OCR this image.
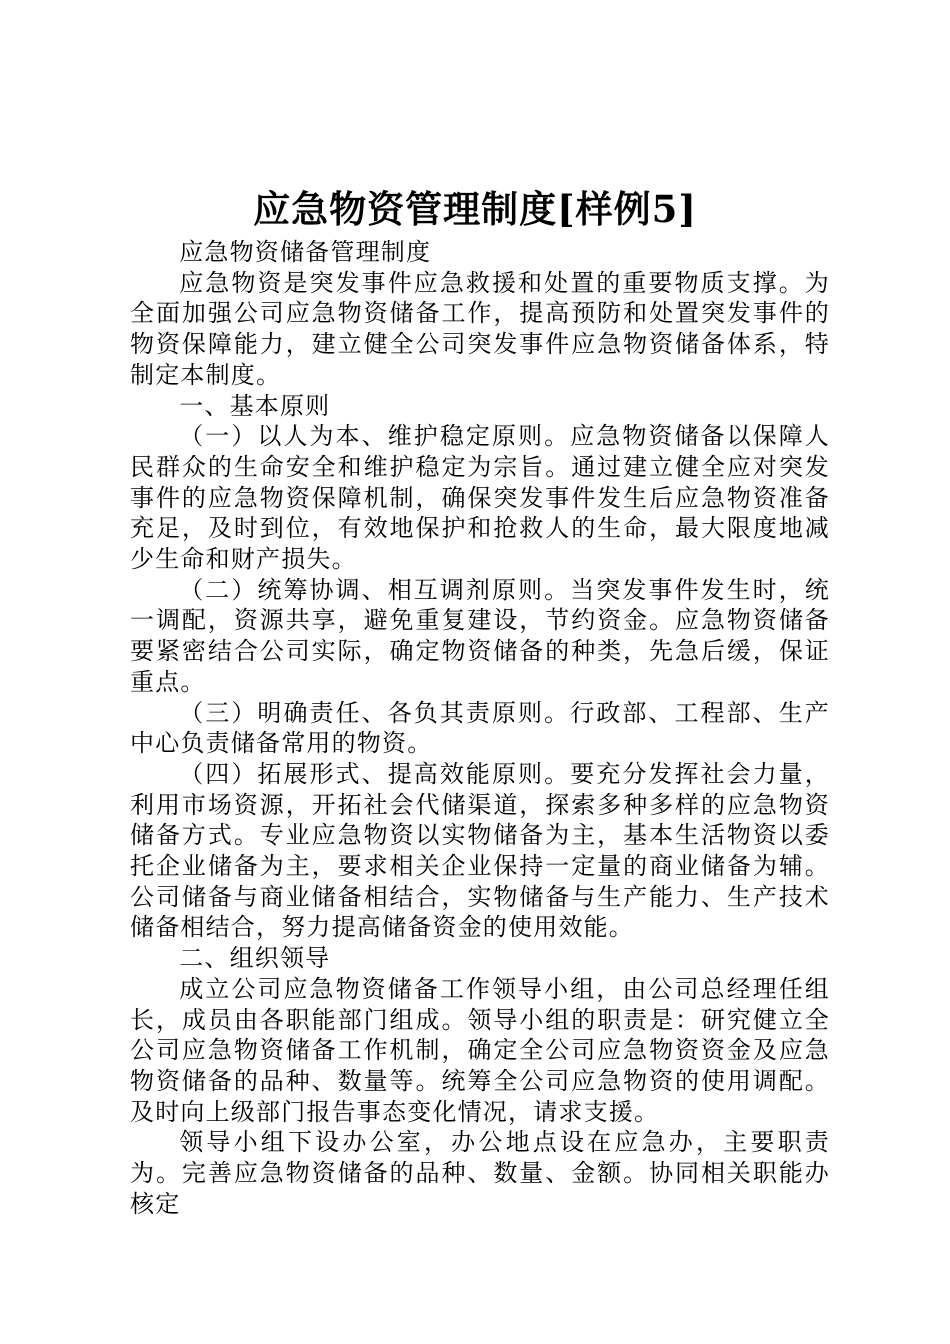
应急物资管理制度[样例5]

应急物资储备管理制度

应急物资是突发事件应急救援和处置的重要物质支撑。为全面加强公司应急物资储备工作，提高预防和处置突发事件的物资保障能力，建立健全公司突发事件应急物资储备体系，特制定本制度。

一、基本原则

（一）以人为本、维护稳定原则。应急物资储备以保障人民群众的生命安全和维护稳定为宗旨。通过建立健全应对突发事件的应急物资保障机制，确保突发事件发生后应急物资准备充足，及时到位，有效地保护和抢救人的生命，最大限度地减少生命和财产损失。

（二）统筹协调、相互调剂原则。当突发事件发生时，统一调配，资源共享，避免重复建设，节约资金。应急物资储备要紧密结合公司实际，确定物资储备的种类，先急后缓，保证重点。

（三）明确责任、各负其责原则。行政部、工程部、生产中心负责储备常用的物资。

（四）拓展形式、提高效能原则。要充分发挥社会力量，利用市场资源，开拓社会代储渠道，探索多种多样的应急物资储备方式。专业应急物资以实物储备为主，基本生活物资以委托企业储备为主，要求相关企业保持一定量的商业储备为辅。公司储备与商业储备相结合，实物储备与生产能力、生产技术储备相结合，努力提高储备资金的使用效能。

二、组织领导

成立公司应急物资储备工作领导小组，由公司总经理任组长，成员由各职能部门组成。领导小组的职责是：研究健立全公司应急物资储备工作机制，确定全公司应急物资资金及应急物资储备的品种、数量等。统筹全公司应急物资的使用调配。及时向上级部门报告事态变化情况，请求支援。

领导小组下设办公室，办公地点设在应急办，主要职责为。完善应急物资储备的品种、数量、金额。协同相关职能办核定
